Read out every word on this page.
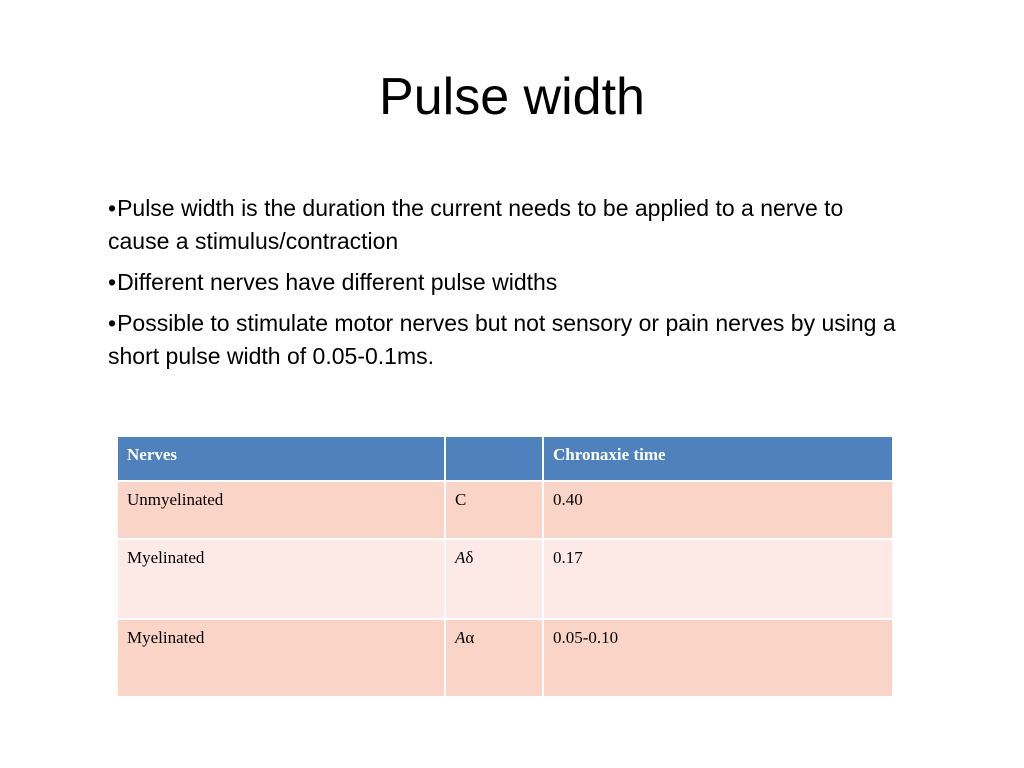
Pulse width
•Pulse width is the duration the current needs to be applied to a nerve to cause a stimulus/contraction
•Different nerves have different pulse widths
•Possible to stimulate motor nerves but not sensory or pain nerves by using a short pulse width of 0.05-0.1ms.
Nerves		Chronaxie time
Unmyelinated	C	0.40
Myelinated	Aδ	0.17
Myelinated	Aα	0.05-0.10
